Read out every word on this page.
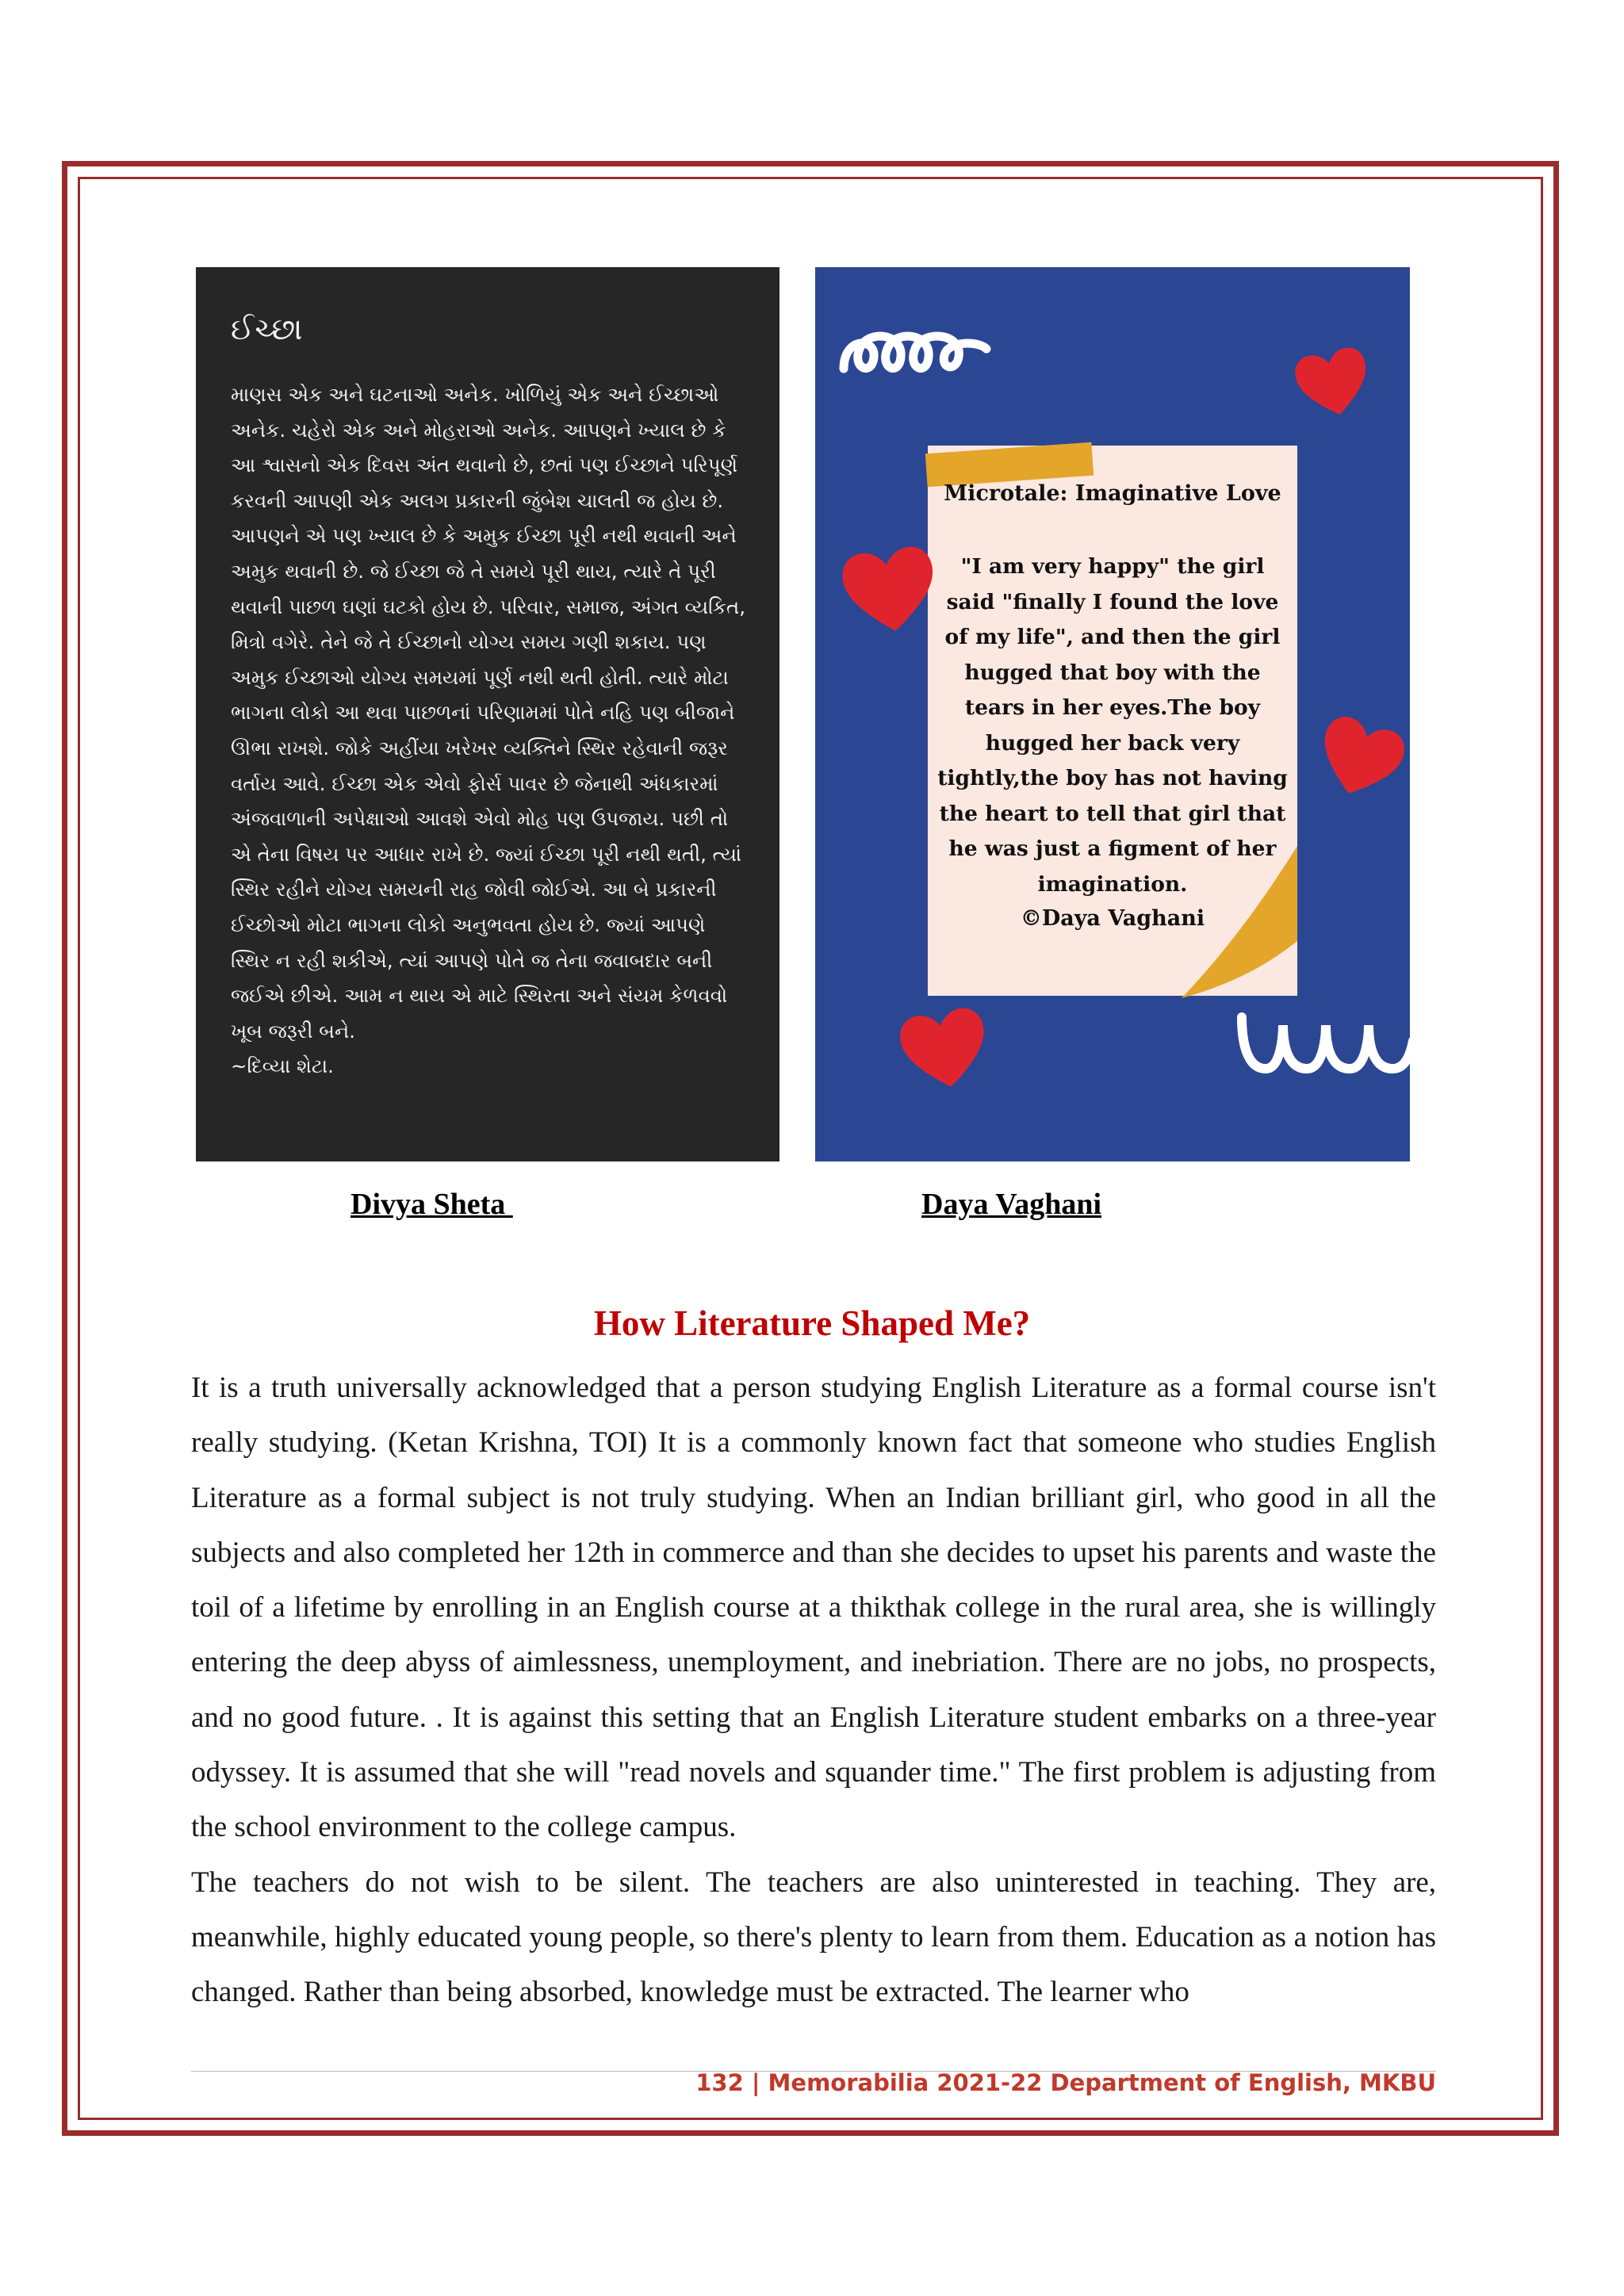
ઈચ્છા

માણસ એક અને ઘટનાઓ અનેક. ખોળિયું એક અને ઈચ્છાઓ અનેક. ચહેરો એક અને મોહરાઓ અનેક. આપણને ખ્યાલ છે કે આ શ્વાસનો એક દિવસ અંત થવાનો છે, છતાં પણ ઈચ્છાને પરિપૂર્ણ કરવની આપણી એક અલગ પ્રકારની જુંબેશ ચાલતી જ હોય છે. આપણને એ પણ ખ્યાલ છે કે અમુક ઈચ્છા પૂરી નથી થવાની અને અમુક થવાની છે. જે ઈચ્છા જે તે સમયે પૂરી થાય, ત્યારે તે પૂરી થવાની પાછળ ઘણાં ઘટકો હોય છે. પરિવાર, સમાજ, અંગત વ્યકિત, મિત્રો વગેરે. તેને જે તે ઈચ્છાનો યોગ્ય સમય ગણી શકાય. પણ અમુક ઈચ્છાઓ યોગ્ય સમયમાં પૂર્ણ નથી થતી હોતી. ત્યારે મોટા ભાગના લોકો આ થવા પાછળનાં પરિણામમાં પોતે નહિ પણ બીજાને ઊભા રાખશે. જોકે અહીંયા ખરેખર વ્યક્તિને સ્થિર રહેવાની જરૂર વર્તાય આવે. ઈચ્છા એક એવો ફોર્સ પાવર છે જેનાથી અંધકારમાં અંજવાળાની અપેક્ષાઓ આવશે એવો મોહ પણ ઉપજાય. પછી તો એ તેના વિષય પર આધાર રાખે છે. જ્યાં ઈચ્છા પૂરી નથી થતી, ત્યાં સ્થિર રહીને યોગ્ય સમયની રાહ જોવી જોઈએ. આ બે પ્રકારની ઈચ્છોઓ મોટા ભાગના લોકો અનુભવતા હોય છે. જ્યાં આપણે સ્થિર ન રહી શકીએ, ત્યાં આપણે પોતે જ તેના જવાબદાર બની જઈએ છીએ. આમ ન થાય એ માટે સ્થિરતા અને સંયમ કેળવવો ખૂબ જરૂરી બને.

~દિવ્યા શેટા.

Microtale: Imaginative Love
"I am very happy" the girl said "finally I found the love of my life", and then the girl hugged that boy with the tears in her eyes.The boy hugged her back very tightly,the boy has not having the heart to tell that girl that he was just a figment of her imagination.
©Daya Vaghani
Divya Sheta	Daya Vaghani
How Literature Shaped Me?

It is a truth universally acknowledged that a person studying English Literature as a formal course isn't really studying. (Ketan Krishna, TOI) It is a commonly known fact that someone who studies English Literature as a formal subject is not truly studying. When an Indian brilliant girl, who good in all the subjects and also completed her 12th in commerce and than she decides to upset his parents and waste the toil of a lifetime by enrolling in an English course at a thikthak college in the rural area, she is willingly entering the deep abyss of aimlessness, unemployment, and inebriation. There are no jobs, no prospects, and no good future. . It is against this setting that an English Literature student embarks on a three-year odyssey. It is assumed that she will "read novels and squander time." The first problem is adjusting from the school environment to the college campus.

The teachers do not wish to be silent. The teachers are also uninterested in teaching. They are, meanwhile, highly educated young people, so there's plenty to learn from them. Education as a notion has changed. Rather than being absorbed, knowledge must be extracted. The learner who

132 | Memorabilia 2021-22 Department of English, MKBU
